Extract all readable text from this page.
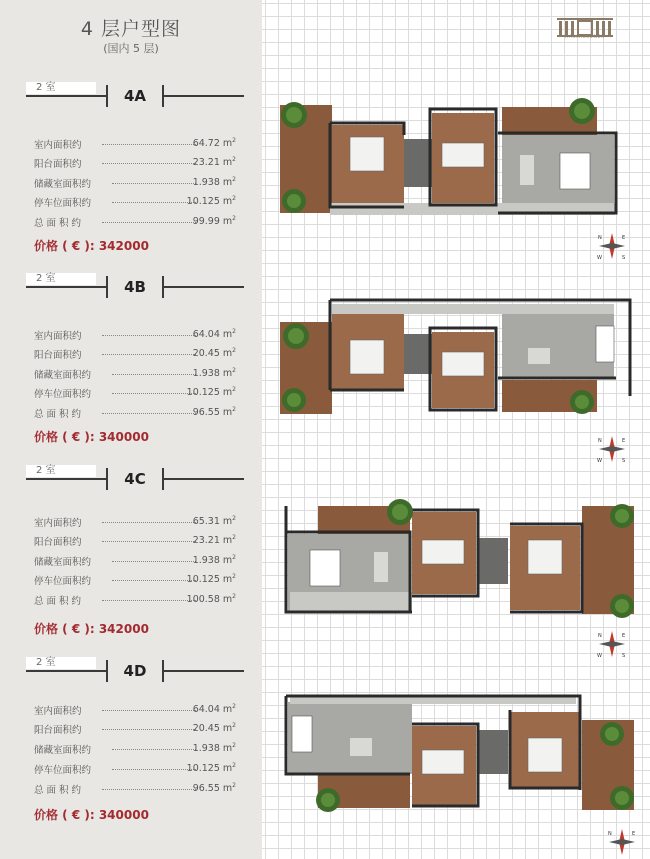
4 层户型图
(国内 5 层)
HARMILSONER
2 室	4A
室内面积约	64.72 $m^2$
阳台面积约	23.21 $m^2$
储藏室面积约	1.938 $m^2$
停车位面积约	10.125 $m^2$
总 面 积 约	99.99 $m^2$
价格 ( € ): 342000
2 室	4B
室内面积约	64.04 $m^2$
阳台面积约	20.45 $m^2$
储藏室面积约	1.938 $m^2$
停车位面积约	10.125 $m^2$
总 面 积 约	96.55 $m^2$
价格 ( € ): 340000
2 室	4C
室内面积约	65.31 $m^2$
阳台面积约	23.21 $m^2$
储藏室面积约	1.938 $m^2$
停车位面积约	10.125 $m^2$
总 面 积 约	100.58 $m^2$
价格 ( € ): 342000
2 室	4D
室内面积约	64.04 $m^2$
阳台面积约	20.45 $m^2$
储藏室面积约	1.938 $m^2$
停车位面积约	10.125 $m^2$
总 面 积 约	96.55 $m^2$
价格 ( € ): 340000
N	E
W	S
N	E
W	S
N	E
W	S
N	E
